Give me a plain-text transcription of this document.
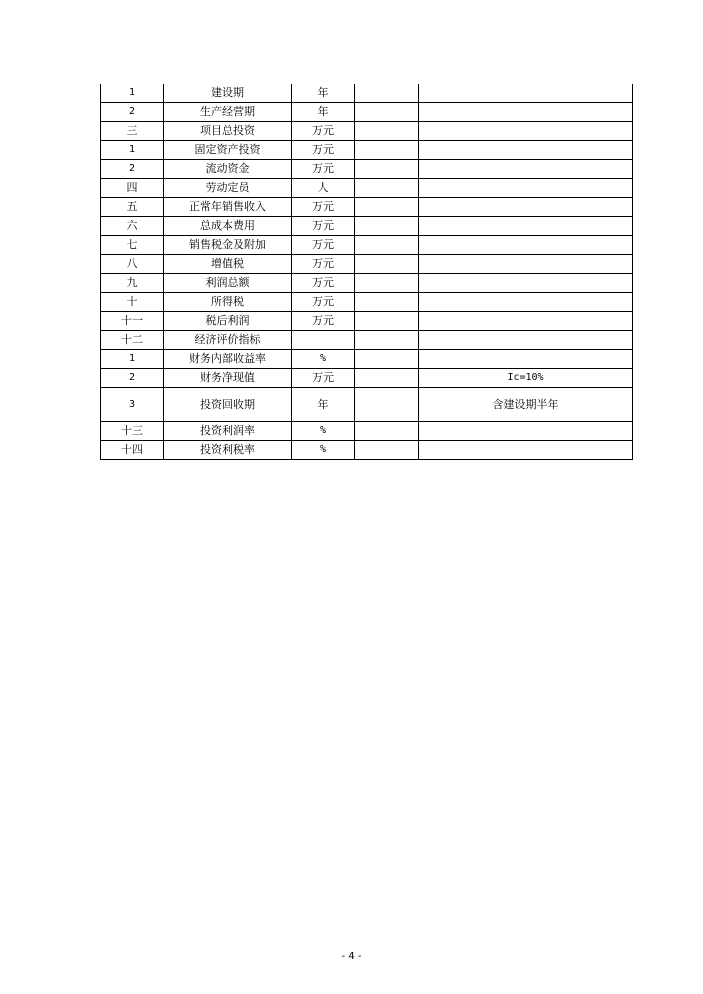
1	建设期	年		
2	生产经营期	年		
三	项目总投资	万元		
1	固定资产投资	万元		
2	流动资金	万元		
四	劳动定员	人		
五	正常年销售收入	万元		
六	总成本费用	万元		
七	销售税金及附加	万元		
八	增值税	万元		
九	利润总额	万元		
十	所得税	万元		
十一	税后利润	万元		
十二	经济评价指标			
1	财务内部收益率	%		
2	财务净现值	万元		Ic=10%
3	投资回收期	年		含建设期半年
十三	投资利润率	%		
十四	投资利税率	%		
- 4 -
